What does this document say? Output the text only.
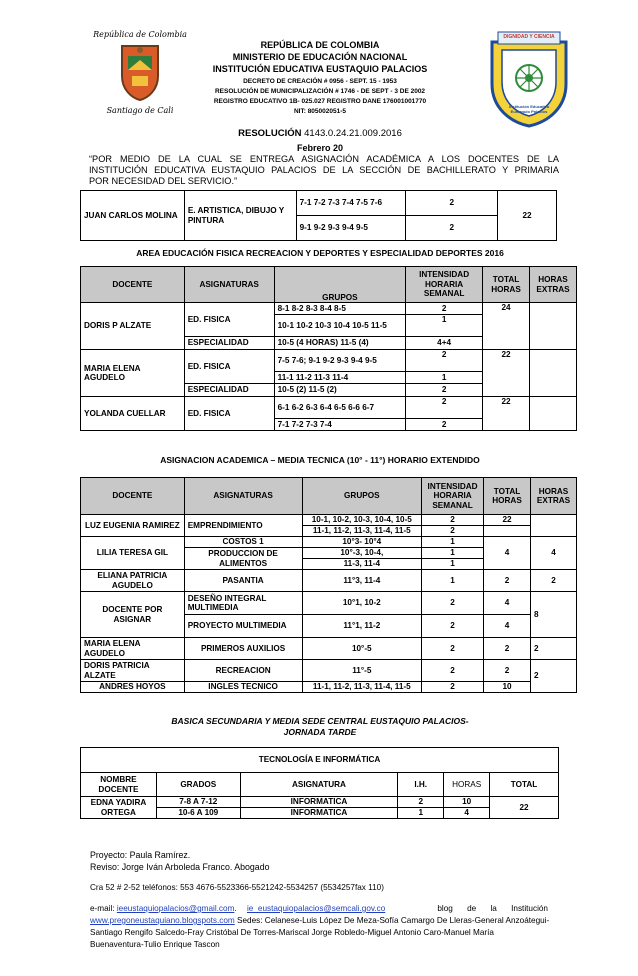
República de Colombia
Santiago de Cali
DIGNIDAD Y CIENCIA
Institución Educativa Eustaquio Palacios
REPÚBLICA DE COLOMBIA
MINISTERIO DE EDUCACIÓN NACIONAL
INSTITUCIÓN EDUCATIVA EUSTAQUIO PALACIOS
DECRETO DE CREACIÓN # 0956 - SEPT. 15 - 1953
RESOLUCIÓN DE MUNICIPALIZACIÓN # 1746 - DE SEPT - 3 DE 2002
REGISTRO EDUCATIVO 1B- 025.027 REGISTRO DANE 176001001770
NIT: 805002051-5
RESOLUCIÓN 4143.0.24.21.009.2016
Febrero 20
“POR MEDIO DE LA CUAL SE ENTREGA ASIGNACIÓN ACADÉMICA A LOS DOCENTES DE LA
INSTITUCIÓN EDUCATIVA EUSTAQUIO PALACIOS DE LA SECCIÓN DE BACHILLERATO Y PRIMARIA
POR NECESIDAD DEL SERVICIO.”
JUAN CARLOS MOLINA	E. ARTISTICA, DIBUJO Y PINTURA	7-1 7-2 7-3 7-4 7-5 7-6	2	22
		9-1 9-2 9-3 9-4 9-5	2	
AREA EDUCACIÓN FISICA RECREACION Y DEPORTES Y ESPECIALIDAD DEPORTES 2016
DOCENTE	ASIGNATURAS	GRUPOS	INTENSIDAD HORARIA SEMANAL	TOTAL HORAS	HORAS EXTRAS
DORIS P ALZATE	ED. FISICA	8-1 8-2 8-3 8-4 8-5	2	24	
		10-1 10-2 10-3 10-4 10-5 11-5	1		
	ESPECIALIDAD	10-5 (4 HORAS) 11-5 (4)	4+4		
MARIA ELENA AGUDELO	ED. FISICA	7-5 7-6; 9-1 9-2 9-3 9-4 9-5	2	22	
		11-1 11-2 11-3 11-4	1		
	ESPECIALIDAD	10-5 (2) 11-5 (2)	2		
YOLANDA CUELLAR	ED. FISICA	6-1 6-2 6-3 6-4 6-5 6-6 6-7	2	22	
		7-1 7-2 7-3 7-4	2		
ASIGNACION ACADEMICA – MEDIA TECNICA (10° - 11°) HORARIO EXTENDIDO
DOCENTE	ASIGNATURAS	GRUPOS	INTENSIDAD HORARIA SEMANAL	TOTAL HORAS	HORAS EXTRAS
LUZ EUGENIA RAMIREZ	EMPRENDIMIENTO	10-1, 10-2, 10-3, 10-4, 10-5	2	22	
		11-1, 11-2, 11-3, 11-4, 11-5	2		
LILIA TERESA GIL	COSTOS 1	10°3- 10°4	1	4	4
	PRODUCCION DE ALIMENTOS	10°-3, 10-4,	1		
		11-3, 11-4	1		
ELIANA PATRICIA AGUDELO	PASANTIA	11°3, 11-4	1	2	2
DOCENTE POR ASIGNAR	DESEÑO INTEGRAL MULTIMEDIA	10°1, 10-2	2	4	8
	PROYECTO MULTIMEDIA	11°1, 11-2	2	4	
MARIA ELENA AGUDELO	PRIMEROS AUXILIOS	10°-5	2	2	2
DORIS PATRICIA ALZATE	RECREACION	11°-5	2	2	2
ANDRES HOYOS	INGLES TECNICO	11-1, 11-2, 11-3, 11-4, 11-5	2	10	
BASICA SECUNDARIA Y MEDIA SEDE CENTRAL EUSTAQUIO PALACIOS-
JORNADA TARDE
TECNOLOGÍA E INFORMÁTICA					
NOMBRE DOCENTE	GRADOS	ASIGNATURA	I.H.	HORAS	TOTAL
EDNA YADIRA ORTEGA	7-8 A 7-12	INFORMATICA	2	10	22
	10-6 A 109	INFORMATICA	1	4	
Proyecto: Paula Ramírez.
Reviso: Jorge Iván Arboleda Franco. Abogado
Cra 52 # 2-52 teléfonos: 553 4676-5523366-5521242-5534257 (5534257fax 110)
e-mail: ieeustaquiopalacios@gmail.com. ie_eustaquiopalacios@semcali.gov.co	blog de la Institución
www.pregoneustaquiano.blogspots.com Sedes: Celanese-Luis López De Meza-Sofía Camargo De Lleras-General Anzoátegui-
Santiago Rengifo Salcedo-Fray Cristóbal De Torres-Mariscal Jorge Robledo-Miguel Antonio Caro-Manuel María
Buenaventura-Tulio Enrique Tascon
